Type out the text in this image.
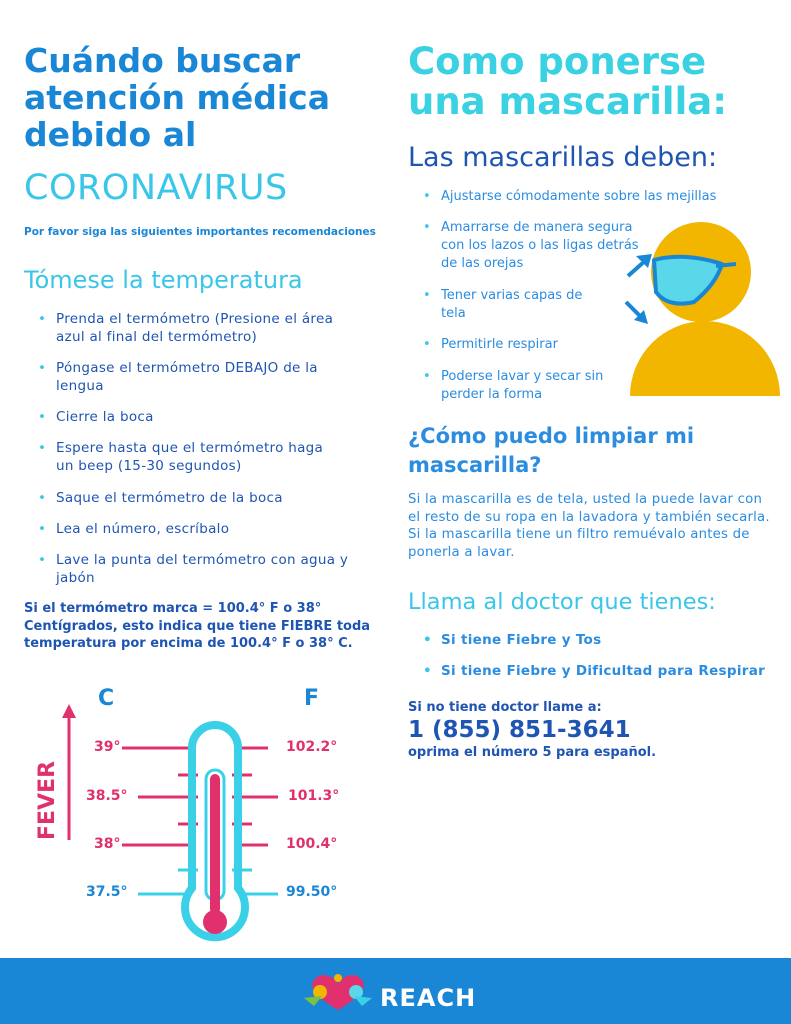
Cuándo buscar atención médica debido al
CORONAVIRUS
Por favor siga las siguientes importantes recomendaciones
Tómese la temperatura
• Prenda el termómetro (Presione el área azul al final del termómetro)
• Póngase el termómetro DEBAJO de la lengua
• Cierre la boca
• Espere hasta que el termómetro haga un beep (15-30 segundos)
• Saque el termómetro de la boca
• Lea el número, escríbalo
• Lave la punta del termómetro con agua y jabón
Si el termómetro marca = 100.4° F o 38° Centígrados, esto indica que tiene FIEBRE toda temperatura por encima de 100.4° F o 38° C.
C	F
FEVER
39°
38.5°
38°
37.5°
102.2°
101.3°
100.4°
99.50°
Como ponerse una mascarilla:
Las mascarillas deben:
• Ajustarse cómodamente sobre las mejillas
• Amarrarse de manera segura con los lazos o las ligas detrás de las orejas
• Tener varias capas de tela
• Permitirle respirar
• Poderse lavar y secar sin perder la forma
¿Cómo puedo limpiar mi mascarilla?
Si la mascarilla es de tela, usted la puede lavar con el resto de su ropa en la lavadora y también secarla. Si la mascarilla tiene un filtro remuévalo antes de ponerla a lavar.
Llama al doctor que tienes:
• Si tiene Fiebre y Tos
• Si tiene Fiebre y Dificultad para Respirar
Si no tiene doctor llame a:
1 (855) 851-3641
oprima el número 5 para español.
REACH
